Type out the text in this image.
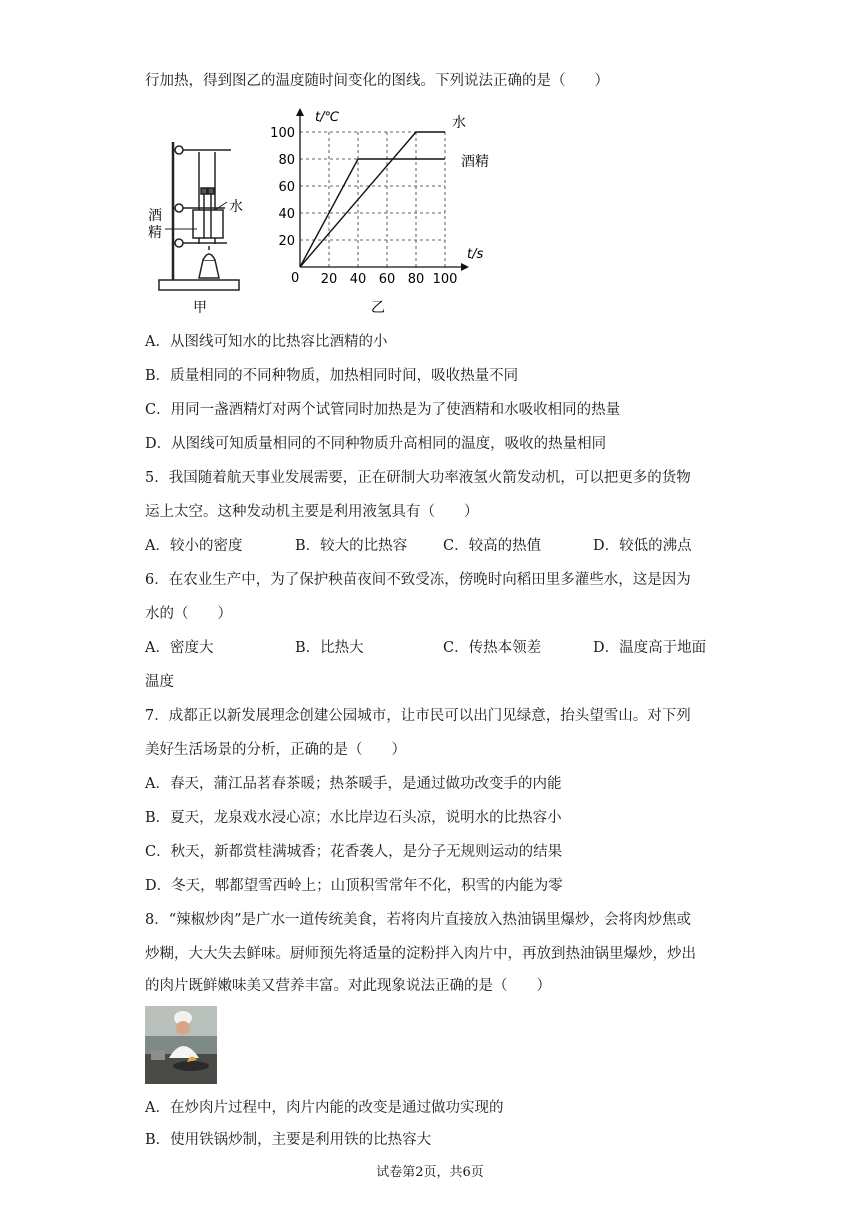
行加热，得到图乙的温度随时间变化的图线。下列说法正确的是（　　）
酒
精
水
甲
20 40 60 80 100
20
40
60
80
100
t/℃
t/s
0
水
酒精
乙
A．从图线可知水的比热容比酒精的小
B．质量相同的不同种物质，加热相同时间，吸收热量不同
C．用同一盏酒精灯对两个试管同时加热是为了使酒精和水吸收相同的热量
D．从图线可知质量相同的不同种物质升高相同的温度，吸收的热量相同
5．我国随着航天事业发展需要，正在研制大功率液氢火箭发动机，可以把更多的货物
运上太空。这种发动机主要是利用液氢具有（　　）
A．较小的密度	B．较大的比热容 C．较高的热值	D．较低的沸点
6．在农业生产中，为了保护秧苗夜间不致受冻，傍晚时向稻田里多灌些水，这是因为
水的（　　）
A．密度大	B．比热大	C．传热本领差	D．温度高于地面
温度
7．成都正以新发展理念创建公园城市，让市民可以出门见绿意，抬头望雪山。对下列
美好生活场景的分析，正确的是（　　）
A．春天，蒲江品茗春茶暖；热茶暖手，是通过做功改变手的内能
B．夏天，龙泉戏水浸心凉；水比岸边石头凉，说明水的比热容小
C．秋天，新都赏桂满城香；花香袭人，是分子无规则运动的结果
D．冬天，郫都望雪西岭上；山顶积雪常年不化，积雪的内能为零
8．“辣椒炒肉”是广水一道传统美食，若将肉片直接放入热油锅里爆炒，会将肉炒焦或
炒糊，大大失去鲜味。厨师预先将适量的淀粉拌入肉片中，再放到热油锅里爆炒，炒出
的肉片既鲜嫩味美又营养丰富。对此现象说法正确的是（　　）
A．在炒肉片过程中，肉片内能的改变是通过做功实现的
B．使用铁锅炒制，主要是利用铁的比热容大
试卷第2页，共6页
